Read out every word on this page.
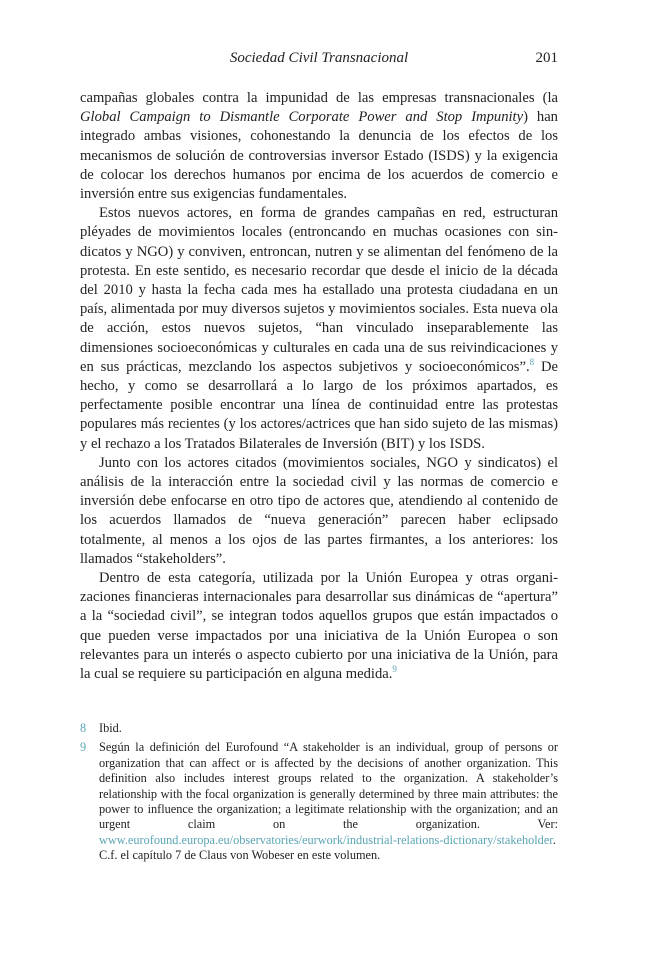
Sociedad Civil Transnacional	201

campañas globales contra la impunidad de las empresas transnacionales (la Global Campaign to Dismantle Corporate Power and Stop Impunity) han integrado ambas visiones, cohonestando la denuncia de los efectos de los mecanismos de solución de controversias inversor Estado (ISDS) y la exigencia de colocar los derechos humanos por encima de los acuerdos de comercio e inversión entre sus exigencias fundamentales.

Estos nuevos actores, en forma de grandes campañas en red, estructuran pléyades de movimientos locales (entroncando en muchas ocasiones con sindicatos y NGO) y conviven, entroncan, nutren y se alimentan del fenómeno de la protesta. En este sentido, es necesario recordar que desde el inicio de la década del 2010 y hasta la fecha cada mes ha estallado una protesta ciudadana en un país, alimentada por muy diversos sujetos y movimientos sociales. Esta nueva ola de acción, estos nuevos sujetos, “han vinculado inseparablemente las dimensiones socioeconómicas y culturales en cada una de sus reivindicaciones y en sus prácticas, mezclando los aspectos subjetivos y socioeconómicos”.$^8$ De hecho, y como se desarrollará a lo largo de los próximos apartados, es perfectamente posible encontrar una línea de continuidad entre las protestas populares más recientes (y los actores/actrices que han sido sujeto de las mismas) y el rechazo a los Tratados Bilaterales de Inversión (BIT) y los ISDS.

Junto con los actores citados (movimientos sociales, NGO y sindicatos) el análisis de la interacción entre la sociedad civil y las normas de comercio e inversión debe enfocarse en otro tipo de actores que, atendiendo al contenido de los acuerdos llamados de “nueva generación” parecen haber eclipsado totalmente, al menos a los ojos de las partes firmantes, a los anteriores: los llamados “stakeholders”.

Dentro de esta categoría, utilizada por la Unión Europea y otras organizaciones financieras internacionales para desarrollar sus dinámicas de “apertura” a la “sociedad civil”, se integran todos aquellos grupos que están impactados o que pueden verse impactados por una iniciativa de la Unión Europea o son relevantes para un interés o aspecto cubierto por una iniciativa de la Unión, para la cual se requiere su participación en alguna medida.$^9$

8	Ibid.
9	Según la definición del Eurofound “A stakeholder is an individual, group of persons or organization that can affect or is affected by the decisions of another organization. This definition also includes interest groups related to the organization. A stakeholder’s relationship with the focal organization is generally determined by three main attributes: the power to influence the organization; a legitimate relationship with the organization; and an urgent claim on the organization. Ver: www.eurofound.europa.eu/observatories/eurwork/industrial-relations-dictionary/stakeholder. C.f. el capítulo 7 de Claus von Wobeser en este volumen.
